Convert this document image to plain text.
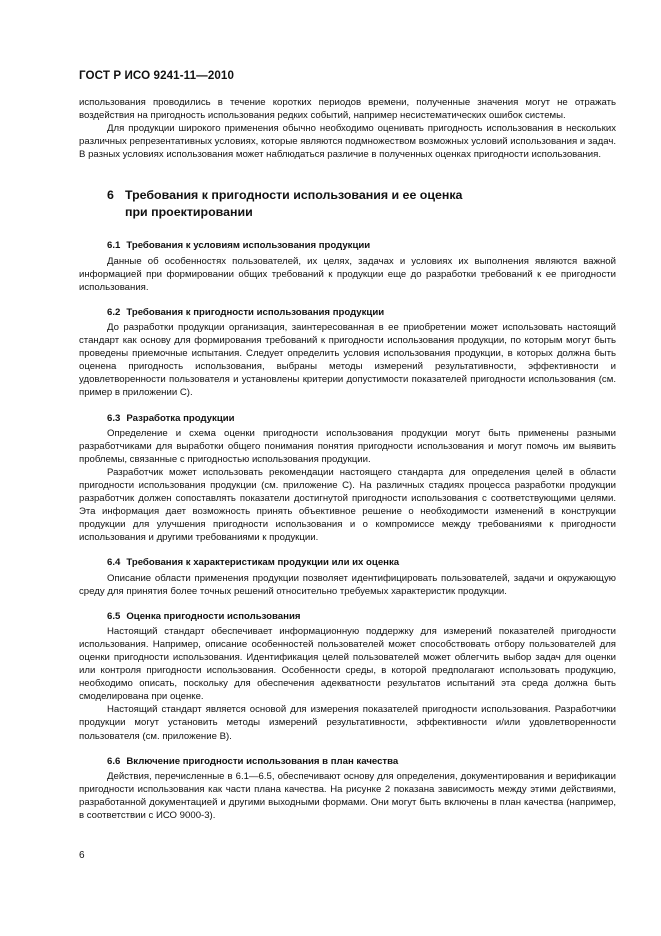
ГОСТ Р ИСО 9241-11—2010

использования проводились в течение коротких периодов времени, полученные значения могут не отражать воздействия на пригодность использования редких событий, например несистематических ошибок системы.

Для продукции широкого применения обычно необходимо оценивать пригодность использования в нескольких различных репрезентативных условиях, которые являются подмножеством возможных условий использования и задач. В разных условиях использования может наблюдаться различие в полученных оценках пригодности использования.

6 Требования к пригодности использования и ее оценка
при проектировании

6.1 Требования к условиям использования продукции

Данные об особенностях пользователей, их целях, задачах и условиях их выполнения являются важной информацией при формировании общих требований к продукции еще до разработки требований к ее пригодности использования.

6.2 Требования к пригодности использования продукции

До разработки продукции организация, заинтересованная в ее приобретении может использовать настоящий стандарт как основу для формирования требований к пригодности использования продукции, по которым могут быть проведены приемочные испытания. Следует определить условия использования продукции, в которых должна быть оценена пригодность использования, выбраны методы измерений результативности, эффективности и удовлетворенности пользователя и установлены критерии допустимости показателей пригодности использования (см. пример в приложении С).

6.3 Разработка продукции

Определение и схема оценки пригодности использования продукции могут быть применены разными разработчиками для выработки общего понимания понятия пригодности использования и могут помочь им выявить проблемы, связанные с пригодностью использования продукции.

Разработчик может использовать рекомендации настоящего стандарта для определения целей в области пригодности использования продукции (см. приложение С). На различных стадиях процесса разработки продукции разработчик должен сопоставлять показатели достигнутой пригодности использования с соответствующими целями. Эта информация дает возможность принять объективное решение о необходимости изменений в конструкции продукции для улучшения пригодности использования и о компромиссе между требованиями к пригодности использования и другими требованиями к продукции.

6.4 Требования к характеристикам продукции или их оценка

Описание области применения продукции позволяет идентифицировать пользователей, задачи и окружающую среду для принятия более точных решений относительно требуемых характеристик продукции.

6.5 Оценка пригодности использования

Настоящий стандарт обеспечивает информационную поддержку для измерений показателей пригодности использования. Например, описание особенностей пользователей может способствовать отбору пользователей для оценки пригодности использования. Идентификация целей пользователей может облегчить выбор задач для оценки или контроля пригодности использования. Особенности среды, в которой предполагают использовать продукцию, необходимо описать, поскольку для обеспечения адекватности результатов испытаний эта среда должна быть смоделирована при оценке.

Настоящий стандарт является основой для измерения показателей пригодности использования. Разработчики продукции могут установить методы измерений результативности, эффективности и/или удовлетворенности пользователя (см. приложение В).

6.6 Включение пригодности использования в план качества

Действия, перечисленные в 6.1—6.5, обеспечивают основу для определения, документирования и верификации пригодности использования как части плана качества. На рисунке 2 показана зависимость между этими действиями, разработанной документацией и другими выходными формами. Они могут быть включены в план качества (например, в соответствии с ИСО 9000-3).

6
